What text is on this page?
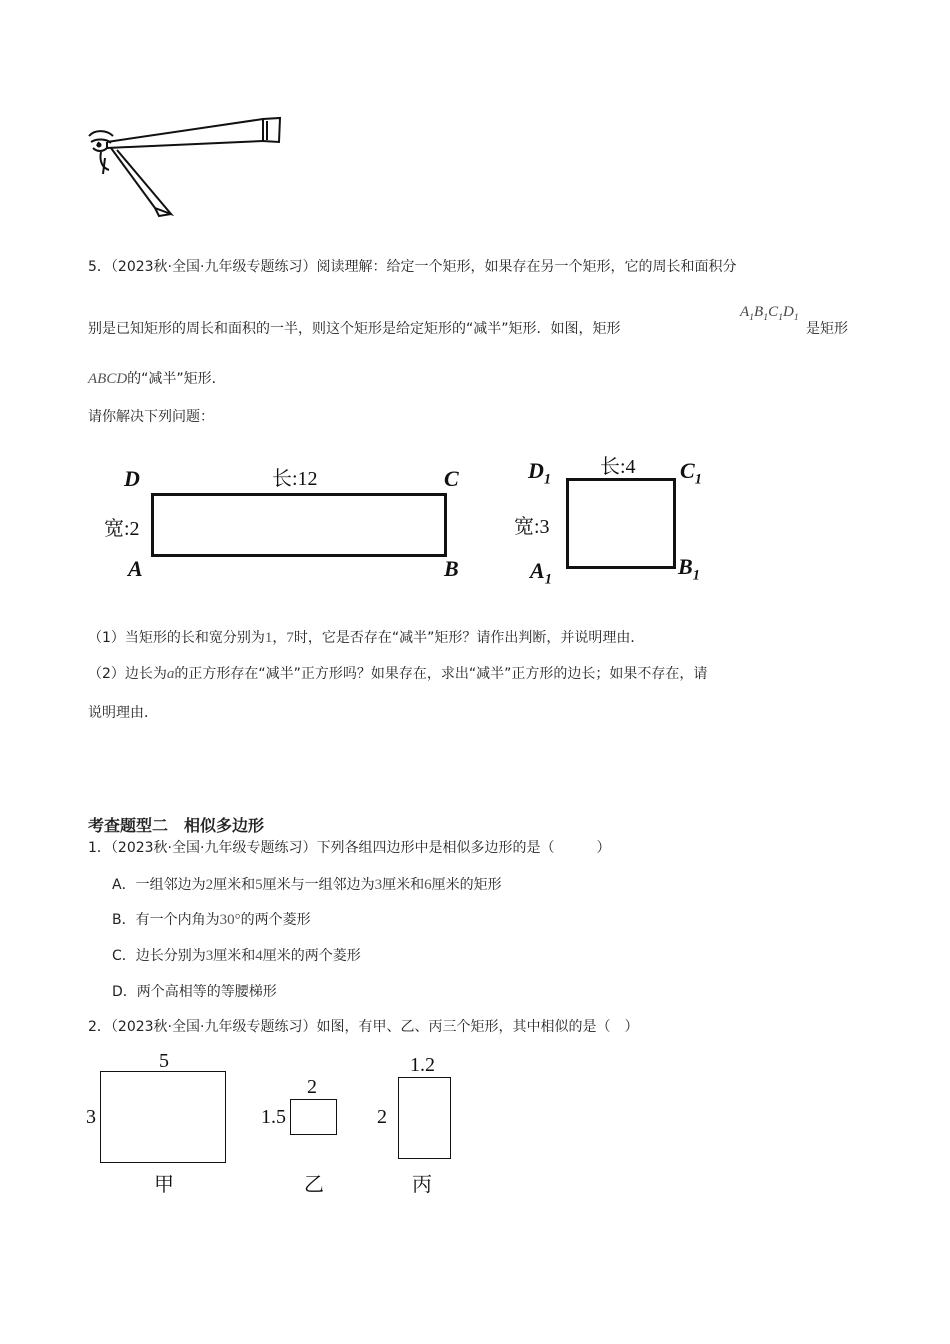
5．（2023秋·全国·九年级专题练习）阅读理解：给定一个矩形，如果存在另一个矩形，它的周长和面积分
别是已知矩形的周长和面积的一半，则这个矩形是给定矩形的“减半”矩形．如图，矩形
$A_1B_1C_1D_1$
是矩形
ABCD的“减半”矩形．
请你解决下列问题：
D	长:12	C
宽:2
A	B
$D_1$
长:4 $C_1$
宽:3
$A_1$
$B_1$
（1）当矩形的长和宽分别为1，7时，它是否存在“减半”矩形？请作出判断，并说明理由．
（2）边长为a的正方形存在“减半”正方形吗？如果存在，求出“减半”正方形的边长；如果不存在，请
说明理由．
考查题型二　相似多边形
1．（2023秋·全国·九年级专题练习）下列各组四边形中是相似多边形的是（　　　）
A．一组邻边为2厘米和5厘米与一组邻边为3厘米和6厘米的矩形
B．有一个内角为30°的两个菱形
C．边长分别为3厘米和4厘米的两个菱形
D．两个高相等的等腰梯形
2．（2023秋·全国·九年级专题练习）如图，有甲、乙、丙三个矩形，其中相似的是（　）
5
3
甲
2
1.5
乙
1.2
2
丙
